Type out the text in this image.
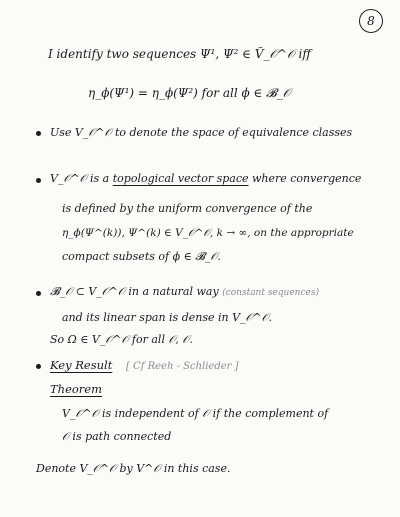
8
I identify two sequences Ψ¹, Ψ² ∈ Ṽ_𝒪^𝒪 iff
η_ϕ(Ψ¹) = η_ϕ(Ψ²) for all ϕ ∈ 𝓑_𝒪
Use V_𝒪^𝒪 to denote the space of equivalence classes
V_𝒪^𝒪 is a topological vector space where convergence
is defined by the uniform convergence of the
η_ϕ(Ψ^(k)), Ψ^(k) ∈ V_𝒪^𝒪, k → ∞, on the appropriate
compact subsets of ϕ ∈ 𝓑_𝒪.
𝓑_𝒪 ⊂ V_𝒪^𝒪 in a natural way (constant sequences)
and its linear span is dense in V_𝒪^𝒪.
So Ω ∈ V_𝒪^𝒪 for all 𝒪, 𝒪.
Key Result [ Cf Reeh - Schlieder ]
Theorem
V_𝒪^𝒪 is independent of 𝒪 if the complement of
𝒪 is path connected
Denote V_𝒪^𝒪 by V^𝒪 in this case.
